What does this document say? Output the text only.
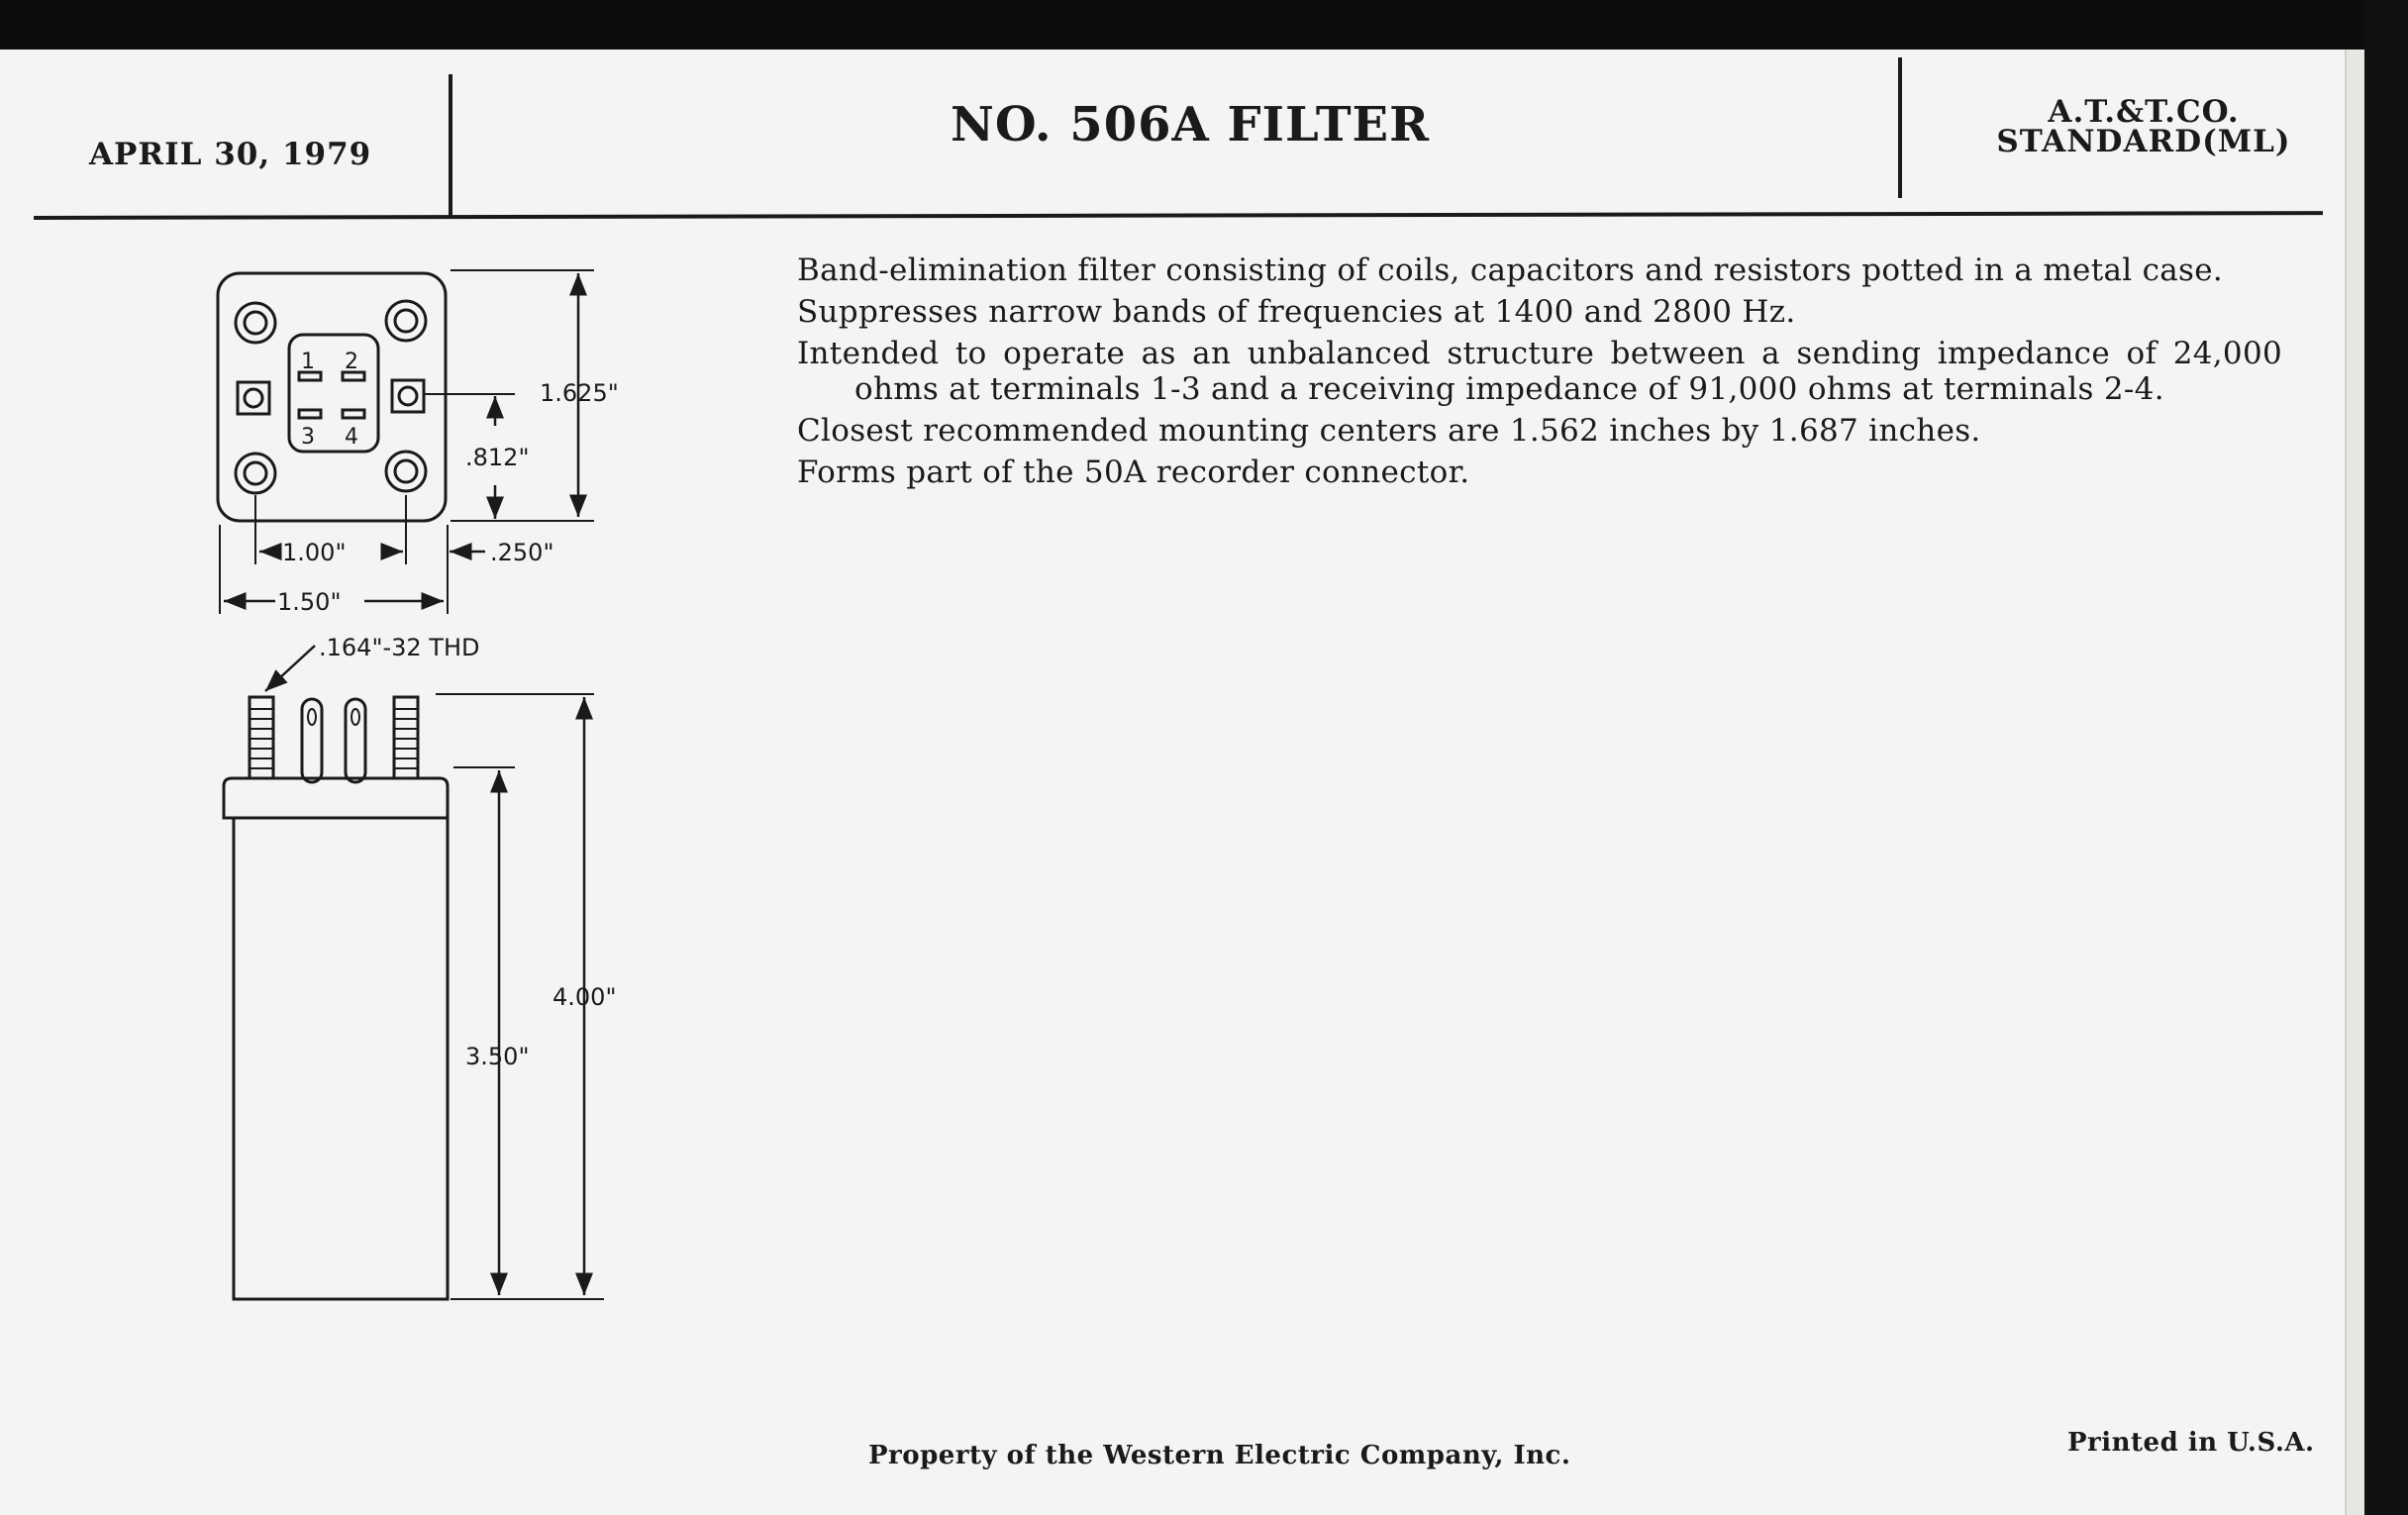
APRIL 30, 1979
NO. 506A FILTER	A.T.&T.CO.
STANDARD(ML)

Band-elimination filter consisting of coils, capacitors and resistors potted in a metal case.

Suppresses narrow bands of frequencies at 1400 and 2800 Hz.

Intended to operate as an unbalanced structure between a sending impedance of 24,000 ohms at terminals 1-3 and a receiving impedance of 91,000 ohms at terminals 2-4.

Closest recommended mounting centers are 1.562 inches by 1.687 inches.

Forms part of the 50A recorder connector.

1 2
3 4
1.625"
.812"
1.00"	.250"
1.50"
.164"-32 THD
4.00"
3.50"
Property of the Western Electric Company, Inc.	Printed in U.S.A.
